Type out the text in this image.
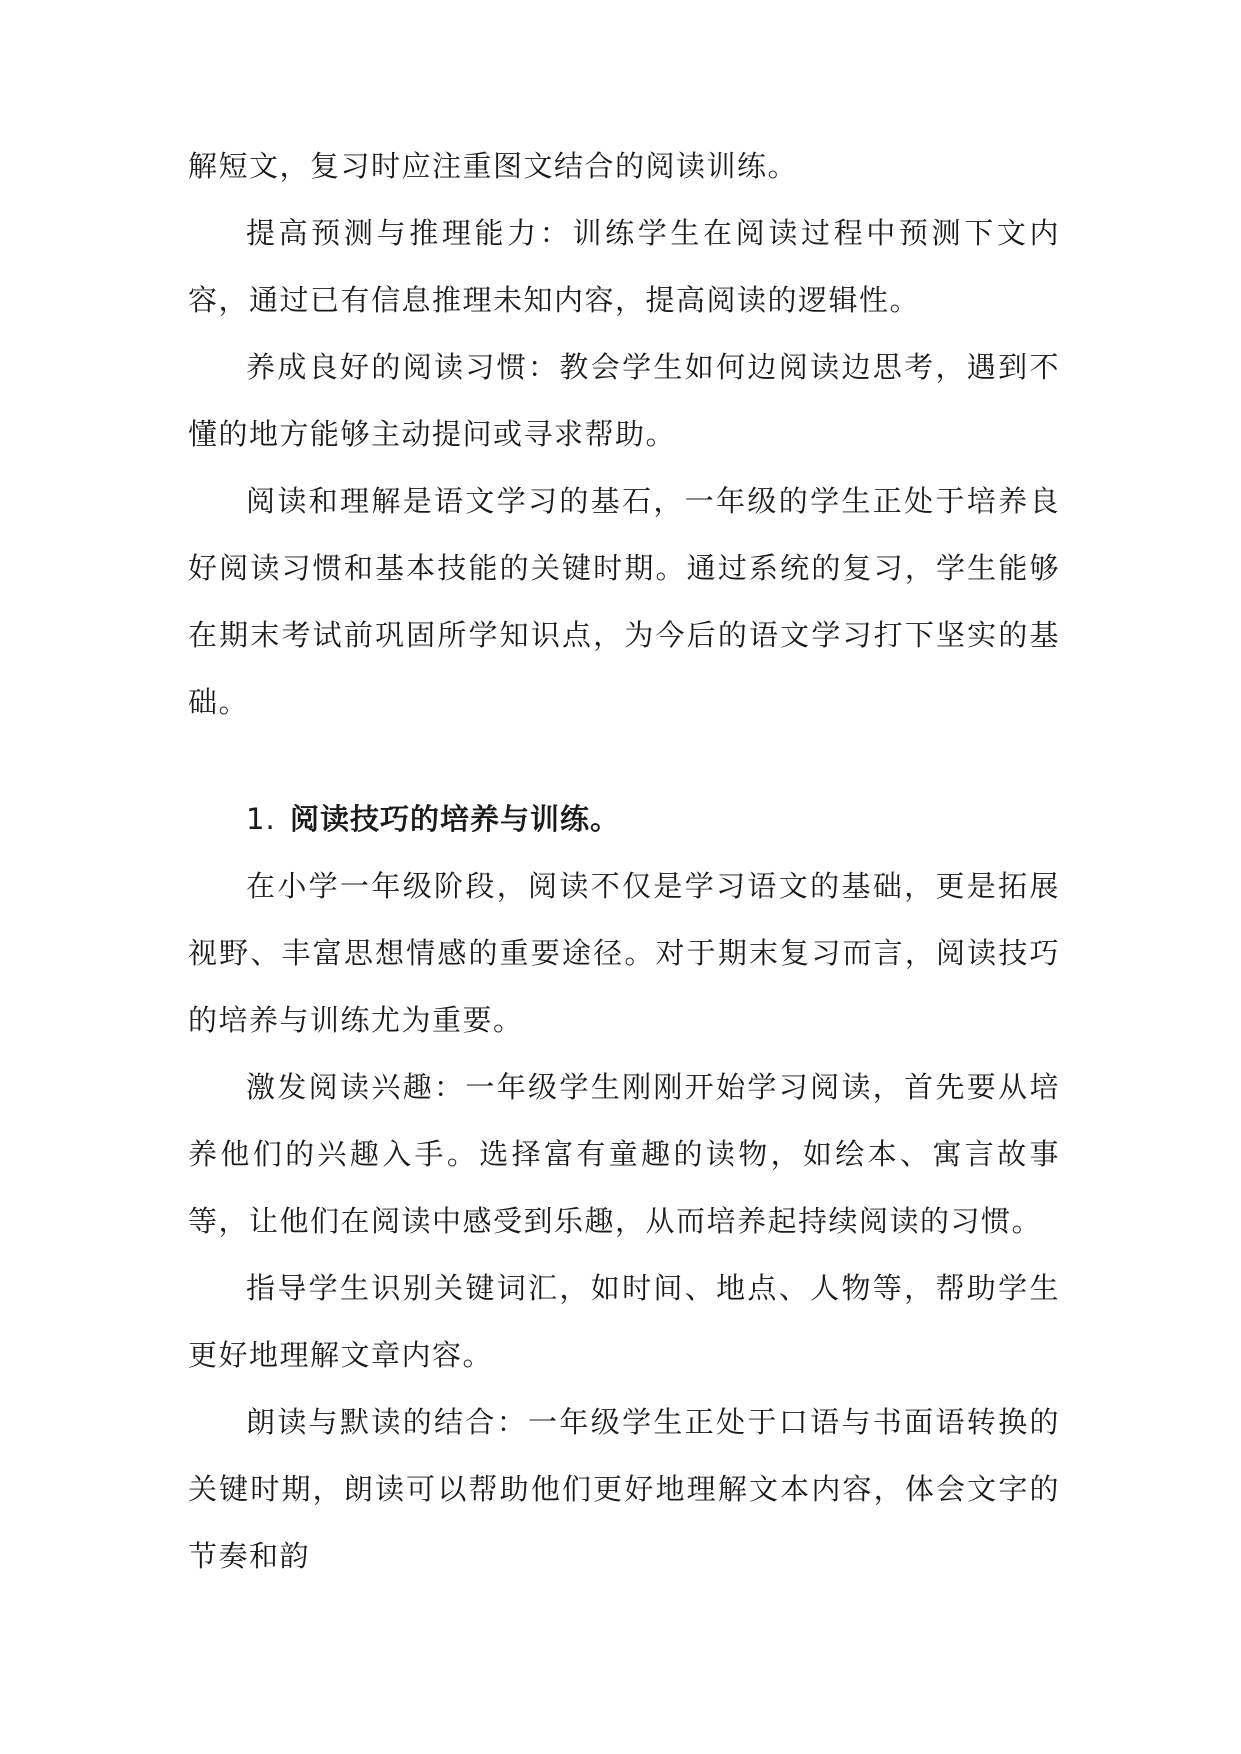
解短文，复习时应注重图文结合的阅读训练。

提高预测与推理能力：训练学生在阅读过程中预测下文内容，通过已有信息推理未知内容，提高阅读的逻辑性。

养成良好的阅读习惯：教会学生如何边阅读边思考，遇到不懂的地方能够主动提问或寻求帮助。

阅读和理解是语文学习的基石，一年级的学生正处于培养良好阅读习惯和基本技能的关键时期。通过系统的复习，学生能够在期末考试前巩固所学知识点，为今后的语文学习打下坚实的基础。

1. 阅读技巧的培养与训练。

在小学一年级阶段，阅读不仅是学习语文的基础，更是拓展视野、丰富思想情感的重要途径。对于期末复习而言，阅读技巧的培养与训练尤为重要。

激发阅读兴趣：一年级学生刚刚开始学习阅读，首先要从培养他们的兴趣入手。选择富有童趣的读物，如绘本、寓言故事等，让他们在阅读中感受到乐趣，从而培养起持续阅读的习惯。

指导学生识别关键词汇，如时间、地点、人物等，帮助学生更好地理解文章内容。

朗读与默读的结合：一年级学生正处于口语与书面语转换的关键时期，朗读可以帮助他们更好地理解文本内容，体会文字的节奏和韵
